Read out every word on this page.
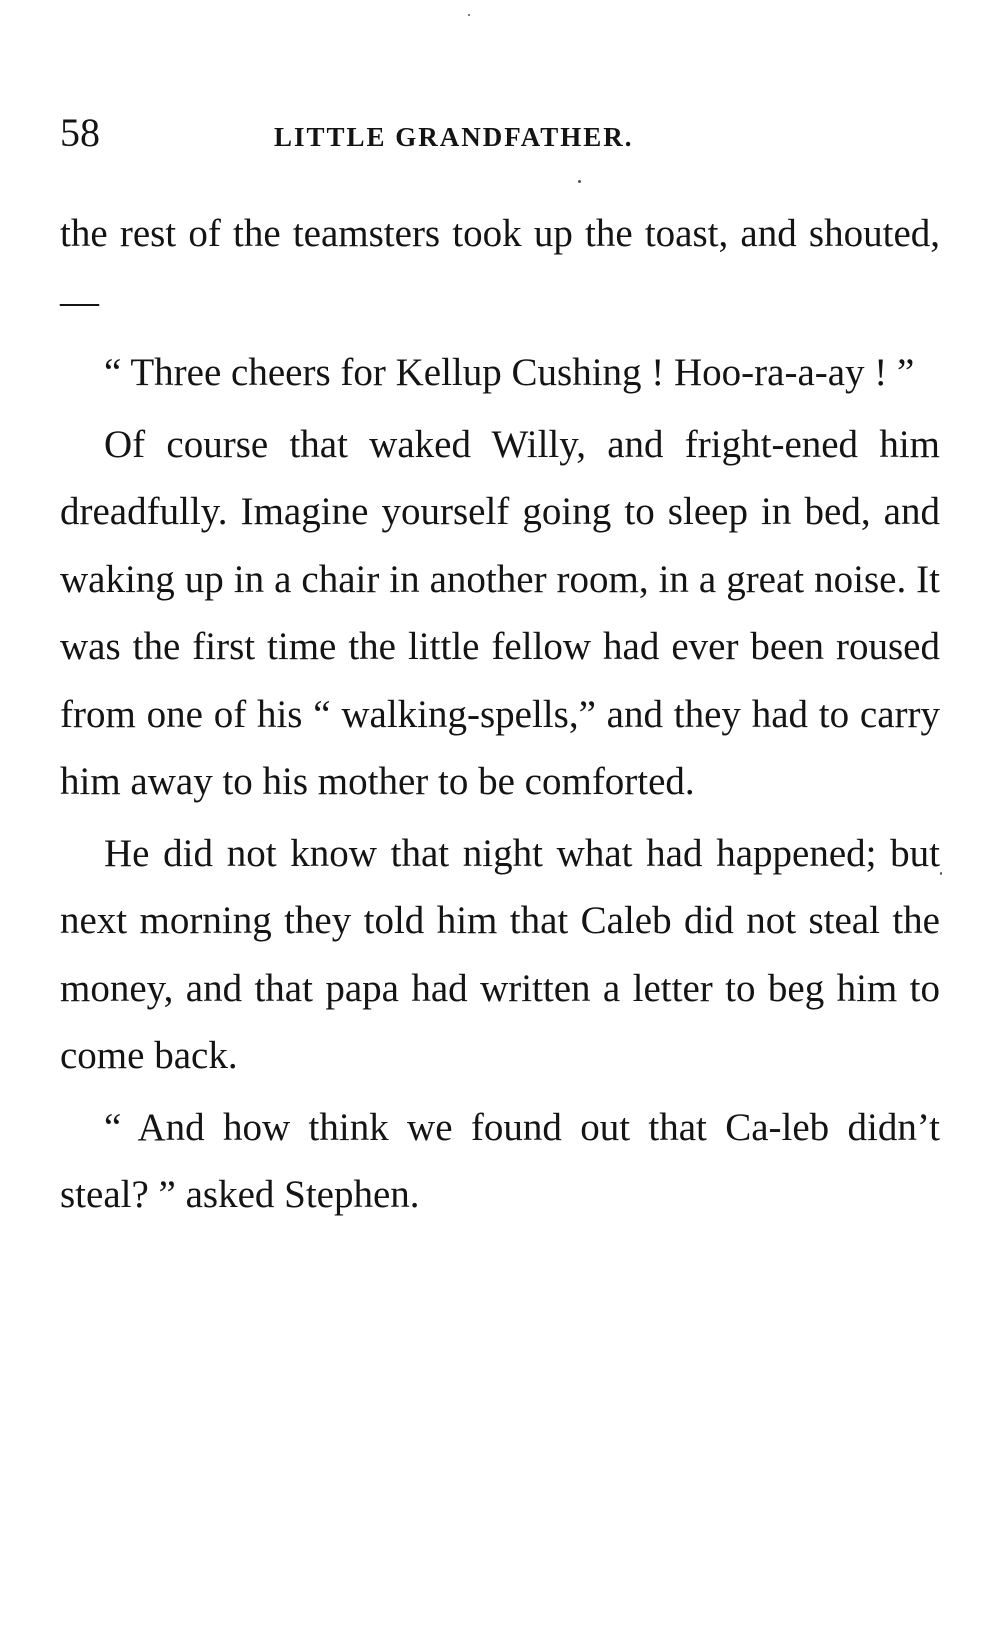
58	LITTLE GRANDFATHER.

the rest of the teamsters took up the toast, and shouted, —

“ Three cheers for Kellup Cushing ! Hoo-ra-a-ay ! ”

Of course that waked Willy, and fright-ened him dreadfully. Imagine yourself going to sleep in bed, and waking up in a chair in another room, in a great noise. It was the first time the little fellow had ever been roused from one of his “ walking-spells,” and they had to carry him away to his mother to be comforted.

He did not know that night what had happened; but next morning they told him that Caleb did not steal the money, and that papa had written a letter to beg him to come back.

“ And how think we found out that Ca-leb didn’t steal? ” asked Stephen.
